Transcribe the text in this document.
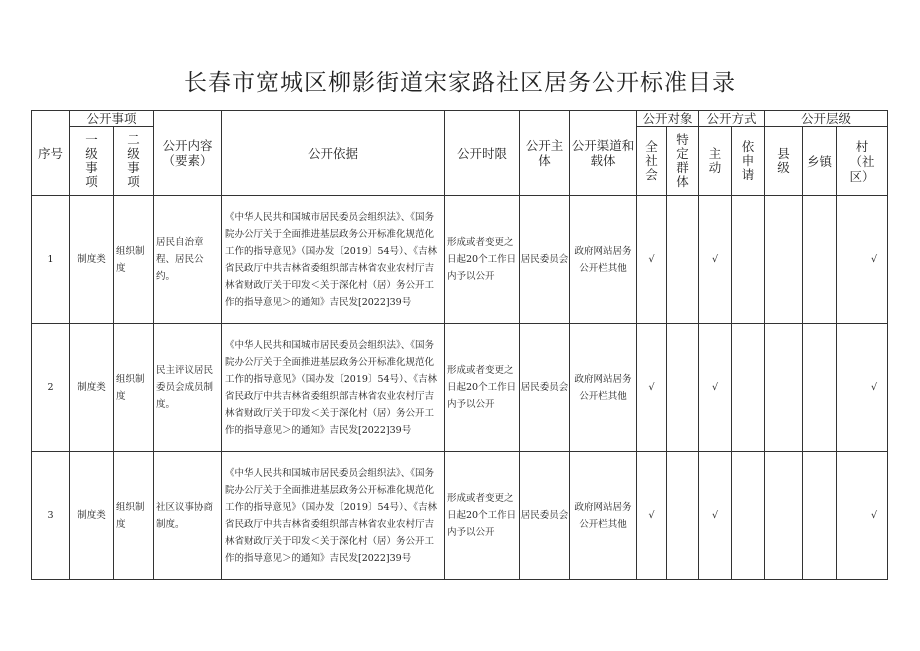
长春市宽城区柳影街道宋家路社区居务公开标准目录
序号	公开事项		公开内容（要素）	公开依据	公开时限	公开主体	公开渠道和载体	公开对象		公开方式		公开层级		
	一级事项	二级事项						全社会	特定群体	主动	依申请	县级	乡镇	村（社区）
1	制度类	组织制度	居民自治章程、居民公约。	《中华人民共和国城市居民委员会组织法》、《国务院办公厅关于全面推进基层政务公开标准化规范化工作的指导意见》（国办发〔2019〕54号）、《吉林省民政厅中共吉林省委组织部吉林省农业农村厅吉林省财政厅关于印发＜关于深化村（居）务公开工作的指导意见＞的通知》吉民发[2022]39号	形成或者变更之日起20个工作日内予以公开	居民委员会	政府网站居务公开栏其他	√		√				√
2	制度类	组织制度	民主评议居民委员会成员制度。	《中华人民共和国城市居民委员会组织法》、《国务院办公厅关于全面推进基层政务公开标准化规范化工作的指导意见》（国办发〔2019〕54号）、《吉林省民政厅中共吉林省委组织部吉林省农业农村厅吉林省财政厅关于印发＜关于深化村（居）务公开工作的指导意见＞的通知》吉民发[2022]39号	形成或者变更之日起20个工作日内予以公开	居民委员会	政府网站居务公开栏其他	√		√				√
3	制度类	组织制度	社区议事协商制度。	《中华人民共和国城市居民委员会组织法》、《国务院办公厅关于全面推进基层政务公开标准化规范化工作的指导意见》（国办发〔2019〕54号）、《吉林省民政厅中共吉林省委组织部吉林省农业农村厅吉林省财政厅关于印发＜关于深化村（居）务公开工作的指导意见＞的通知》吉民发[2022]39号	形成或者变更之日起20个工作日内予以公开	居民委员会	政府网站居务公开栏其他	√		√				√
